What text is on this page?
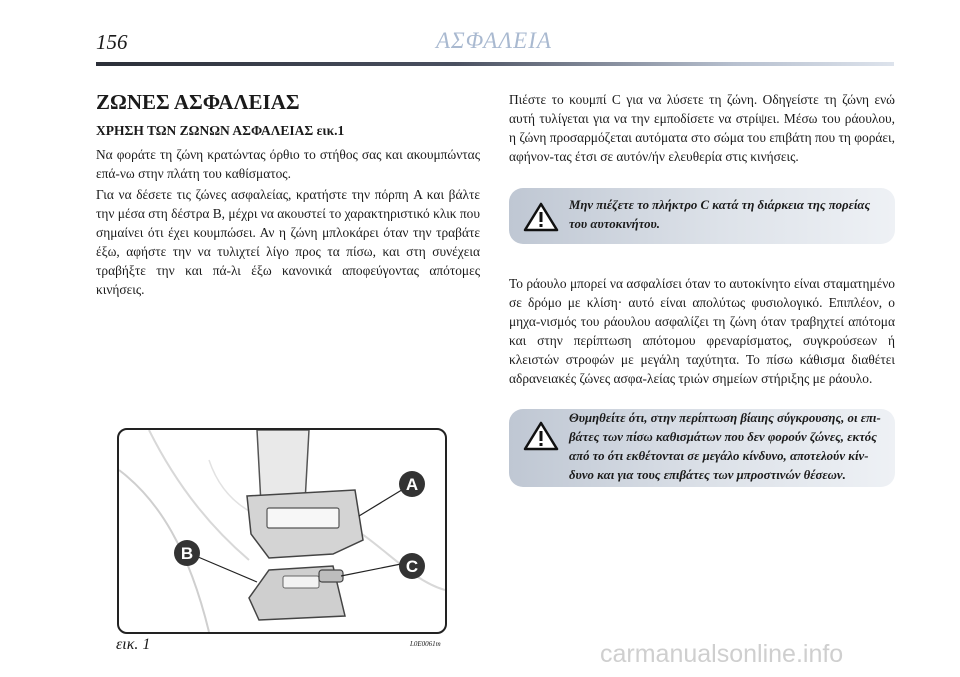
156	ΑΣΦΑΛΕΙΑ
ΖΩΝΕΣ ΑΣΦΑΛΕΙΑΣ
ΧΡΗΣΗ ΤΩΝ ΖΩΝΩΝ ΑΣΦΑΛΕΙΑΣ εικ.1
Να φοράτε τη ζώνη κρατώντας όρθιο το στήθος σας και ακουμπώντας επά-νω στην πλάτη του καθίσματος.
Για να δέσετε τις ζώνες ασφαλείας, κρατήστε την πόρπη A και βάλτε την μέσα στη δέστρα B, μέχρι να ακουστεί το χαρακτηριστικό κλικ που σημαίνει ότι έχει κουμπώσει. Αν η ζώνη μπλοκάρει όταν την τραβάτε έξω, αφήστε την να τυλιχτεί λίγο προς τα πίσω, και στη συνέχεια τραβήξτε την και πά-λι έξω κανονικά αποφεύγοντας απότομες κινήσεις.
A
B
C
εικ. 1	L0E0061m
Πιέστε το κουμπί C για να λύσετε τη ζώνη. Οδηγείστε τη ζώνη ενώ αυτή τυλίγεται για να την εμποδίσετε να στρίψει. Μέσω του ράουλου, η ζώνη προσαρμόζεται αυτόματα στο σώμα του επιβάτη που τη φοράει, αφήνον-τας έτσι σε αυτόν/ήν ελευθερία στις κινήσεις.
Μην πιέζετε το πλήκτρο C κατά τη διάρκεια της πορείας του αυτοκινήτου.
Το ράουλο μπορεί να ασφαλίσει όταν το αυτοκίνητο είναι σταματημένο σε δρόμο με κλίση· αυτό είναι απολύτως φυσιολογικό. Επιπλέον, ο μηχα-νισμός του ράουλου ασφαλίζει τη ζώνη όταν τραβηχτεί απότομα και στην περίπτωση απότομου φρεναρίσματος, συγκρούσεων ή κλειστών στροφών με μεγάλη ταχύτητα. Το πίσω κάθισμα διαθέτει αδρανειακές ζώνες ασφα-λείας τριών σημείων στήριξης με ράουλο.
Θυμηθείτε ότι, στην περίπτωση βίαιης σύγκρουσης, οι επι-βάτες των πίσω καθισμάτων που δεν φορούν ζώνες, εκτός από το ότι εκθέτονται σε μεγάλο κίνδυνο, αποτελούν κίν-δυνο και για τους επιβάτες των μπροστινών θέσεων.
carmanualsonline.info
